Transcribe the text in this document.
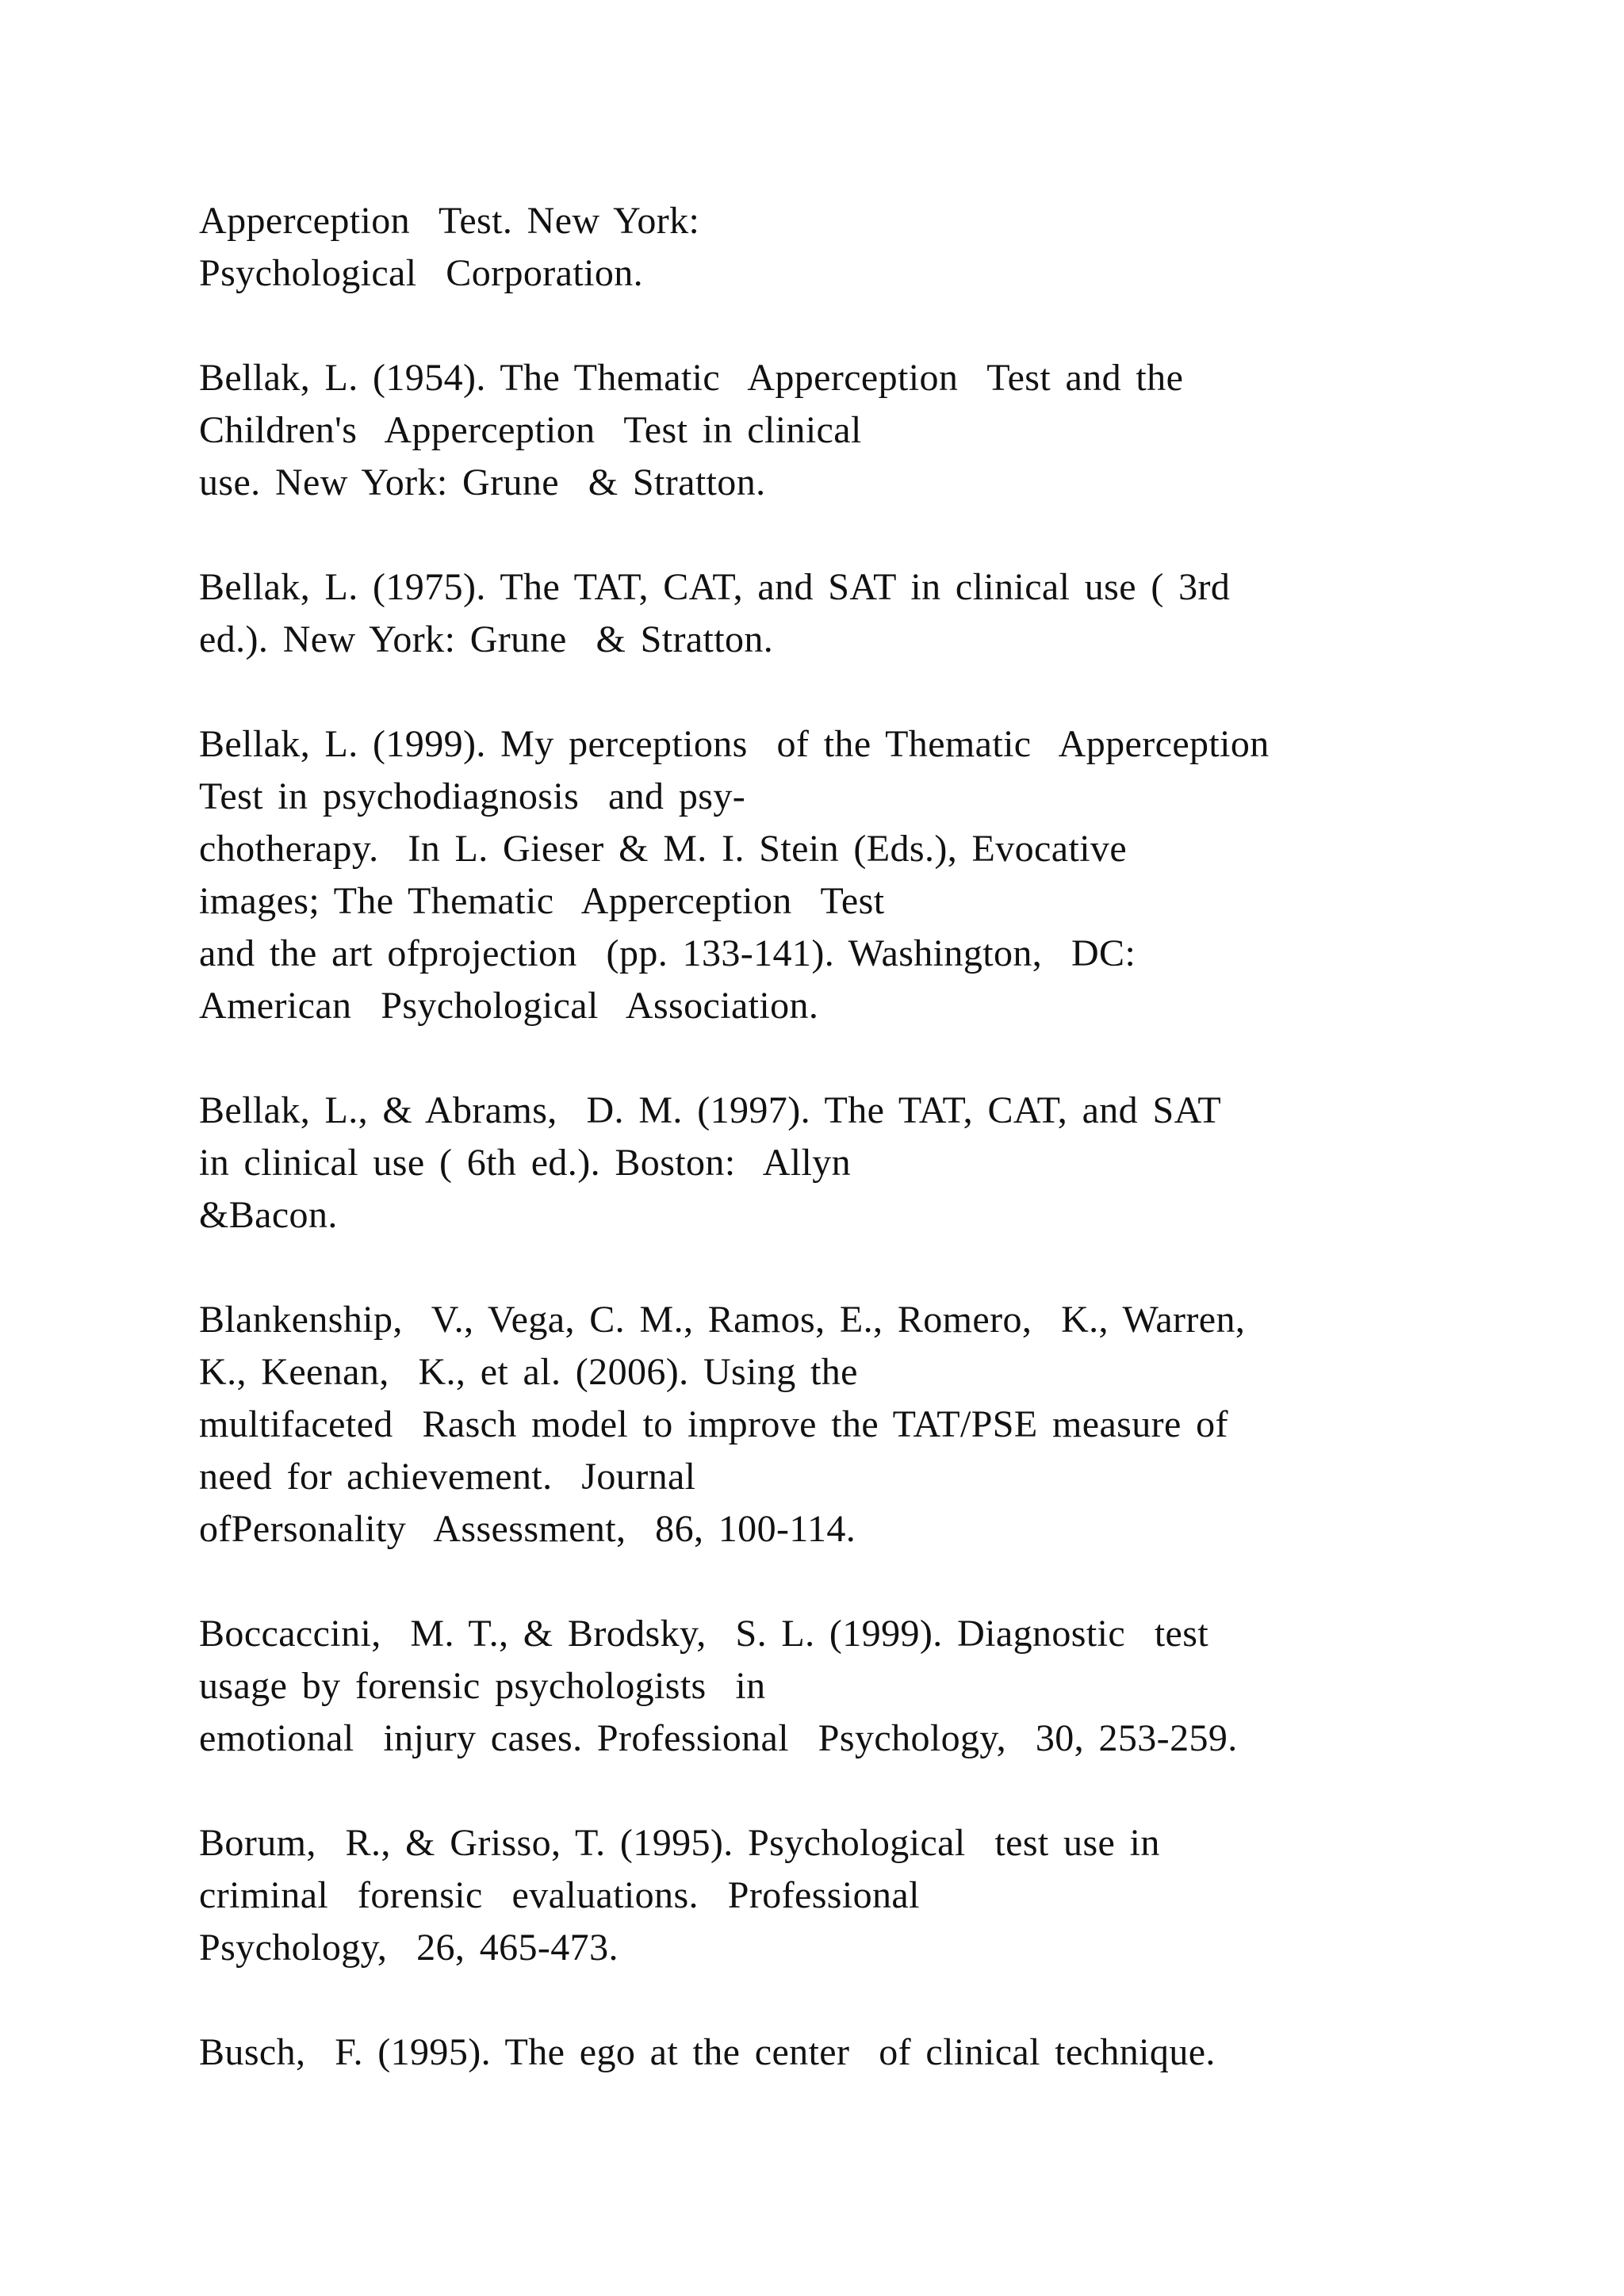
Apperception  Test. New York:
Psychological  Corporation.
Bellak, L. (1954). The Thematic  Apperception  Test and the
Children's  Apperception  Test in clinical
use. New York: Grune  & Stratton.
Bellak, L. (1975). The TAT, CAT, and SAT in clinical use ( 3rd
ed.). New York: Grune  & Stratton.
Bellak, L. (1999). My perceptions  of the Thematic  Apperception
Test in psychodiagnosis  and psy-
chotherapy.  In L. Gieser & M. I. Stein (Eds.), Evocative
images; The Thematic  Apperception  Test
and the art ofprojection  (pp. 133-141). Washington,  DC:
American  Psychological  Association.
Bellak, L., & Abrams,  D. M. (1997). The TAT, CAT, and SAT
in clinical use ( 6th ed.). Boston:  Allyn
&Bacon.
Blankenship,  V., Vega, C. M., Ramos, E., Romero,  K., Warren,
K., Keenan,  K., et al. (2006). Using the
multifaceted  Rasch model to improve the TAT/PSE measure of
need for achievement.  Journal
ofPersonality  Assessment,  86, 100-114.
Boccaccini,  M. T., & Brodsky,  S. L. (1999). Diagnostic  test
usage by forensic psychologists  in
emotional  injury cases. Professional  Psychology,  30, 253-259.
Borum,  R., & Grisso, T. (1995). Psychological  test use in
criminal  forensic  evaluations.  Professional
Psychology,  26, 465-473.
Busch,  F. (1995). The ego at the center  of clinical technique.
